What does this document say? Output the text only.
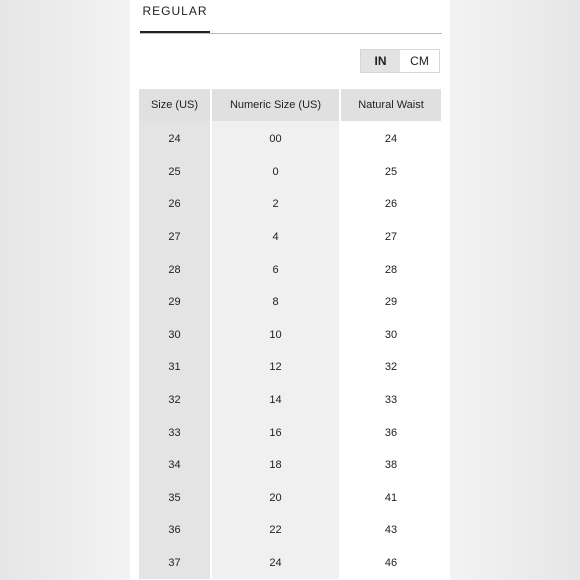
REGULAR
IN	CM
Size (US)	Numeric Size (US)	Natural Waist

24	00	24
25	0	25
26	2	26
27	4	27
28	6	28
29	8	29
30	10	30
31	12	32
32	14	33
33	16	36
34	18	38
35	20	41
36	22	43
37	24	46
